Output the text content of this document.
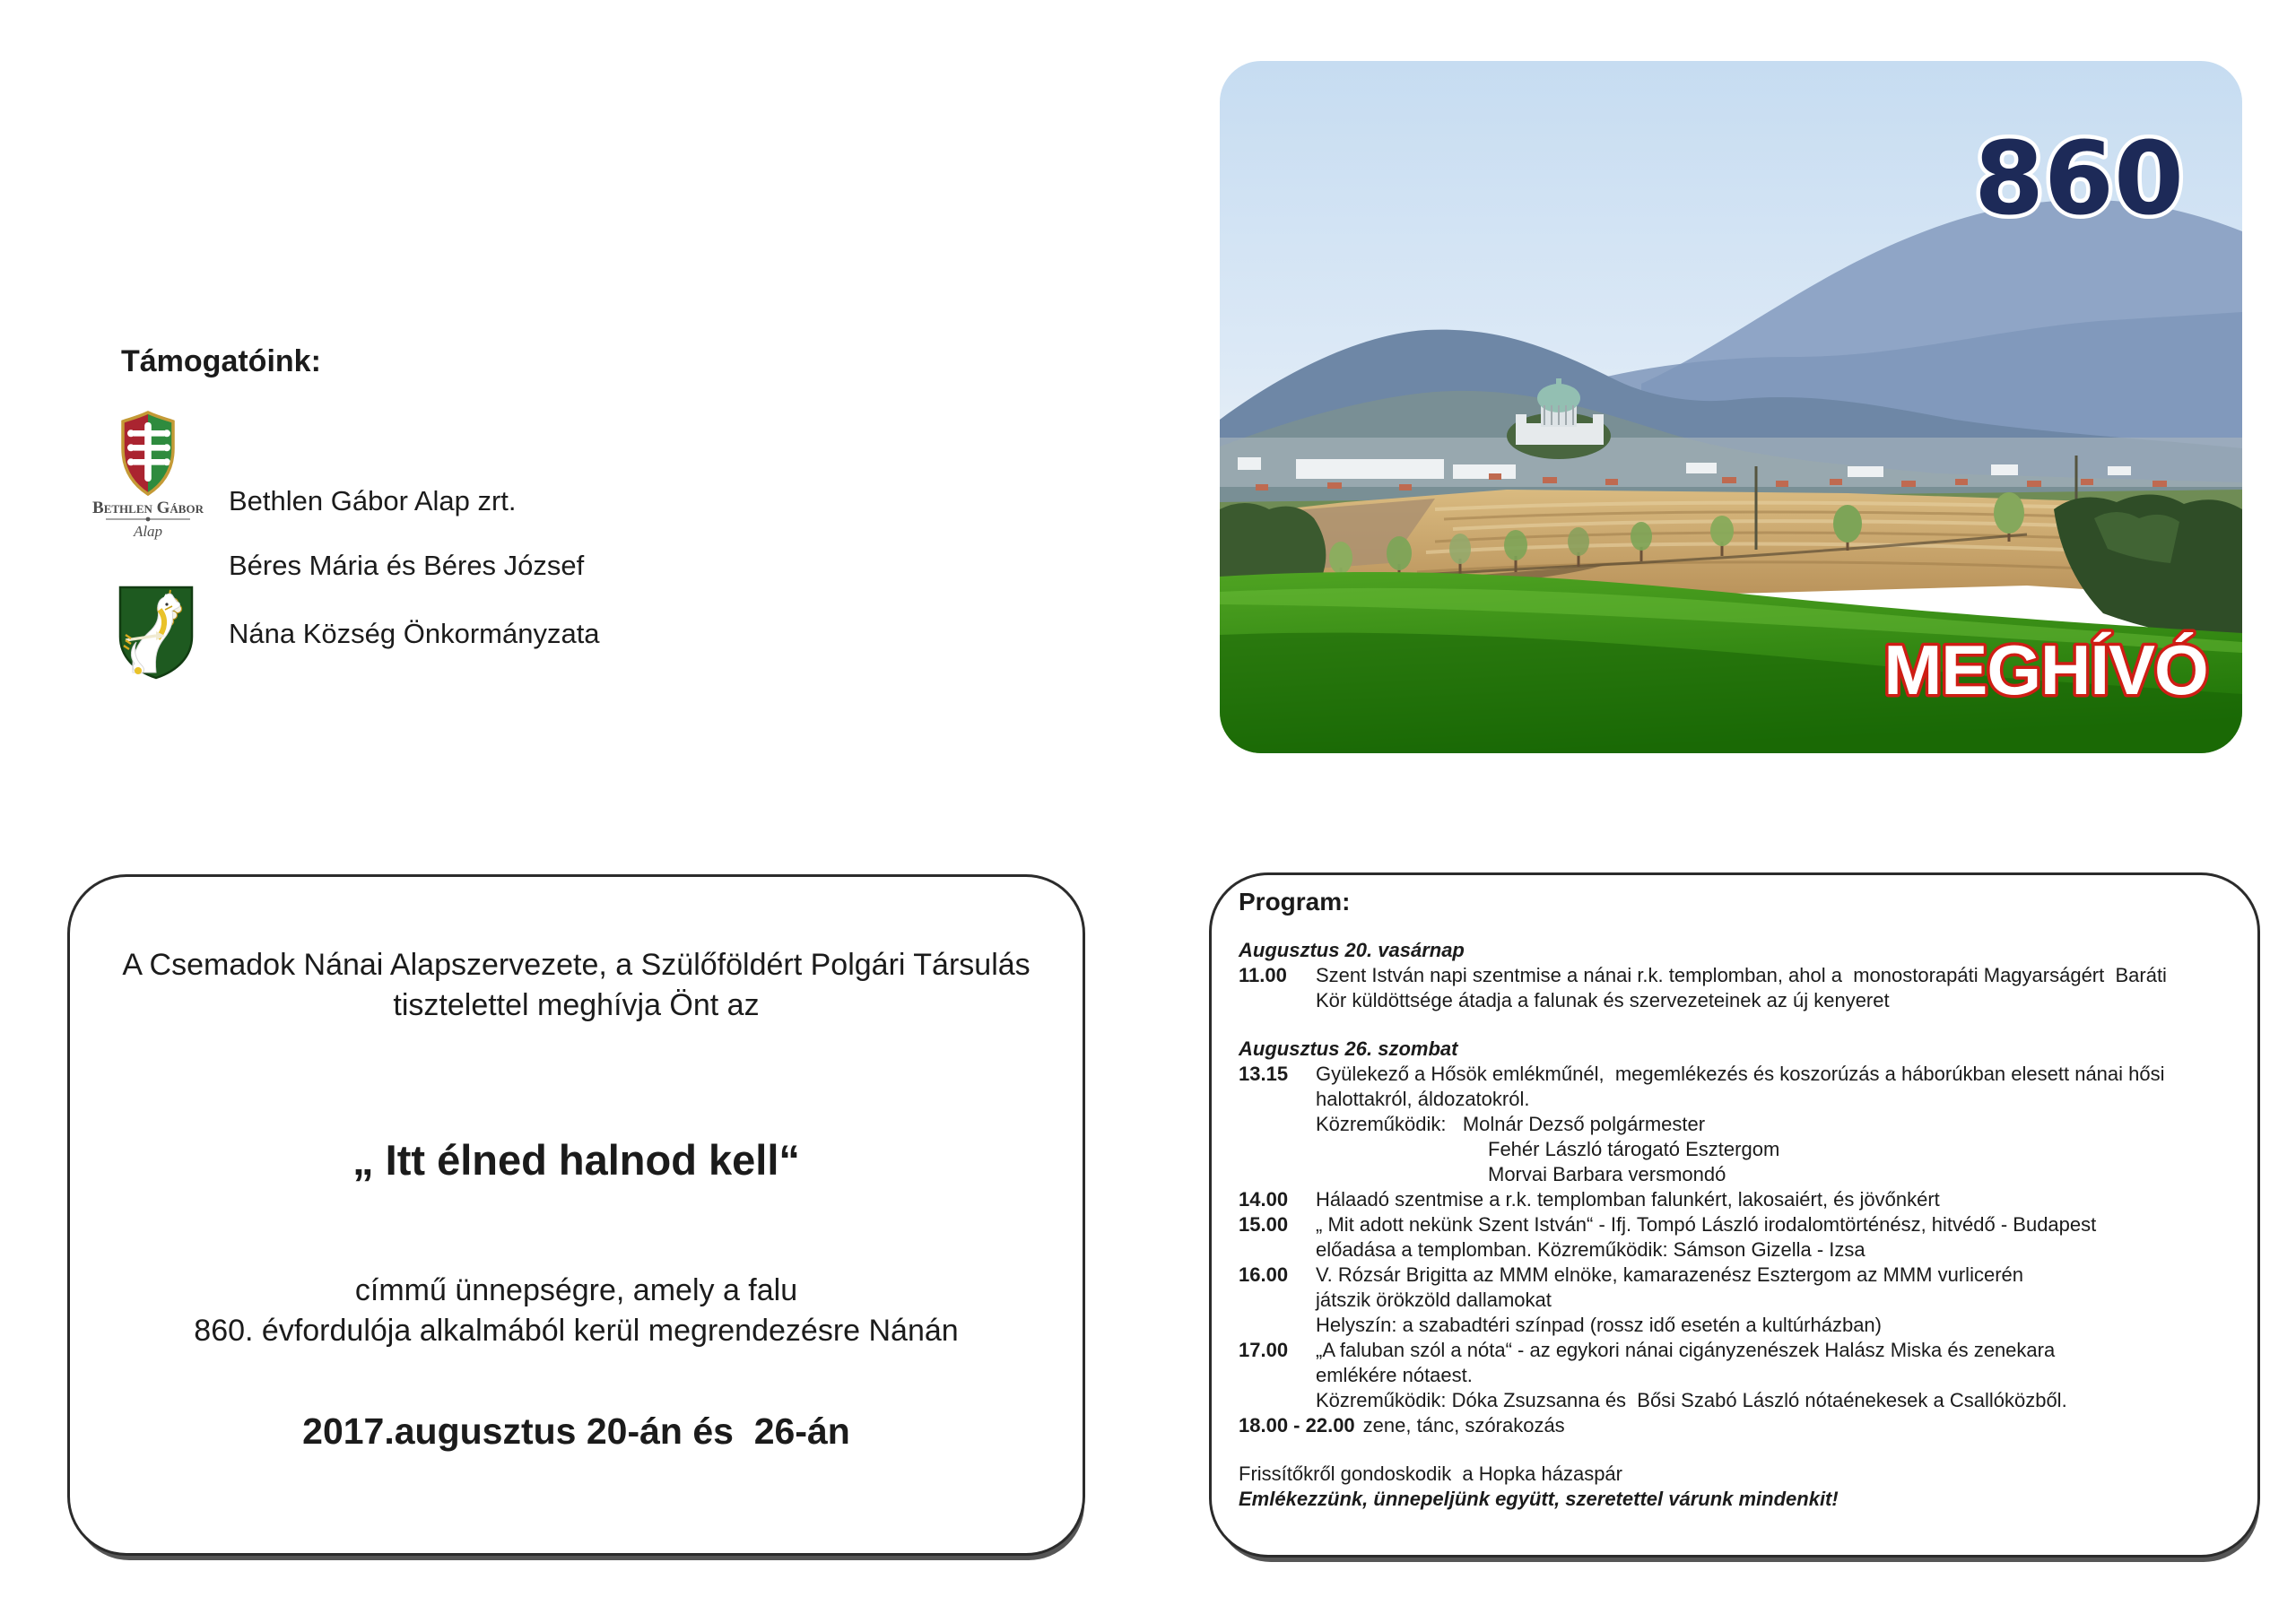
Támogatóink:
Bethlen Gábor
Alap
Bethlen Gábor Alap zrt.
Béres Mária és Béres József
Nána Község Önkormányzata
A Csemadok Nánai Alapszervezete, a Szülőföldért Polgári Társulás
tisztelettel meghívja Önt az
„ Itt élned halnod kell“
címmű ünnepségre, amely a falu
860. évfordulója alkalmából kerül megrendezésre Nánán
2017.augusztus 20-án és  26-án
860
MEGHÍVÓ
Program:
Augusztus 20. vasárnap
11.00	Szent István napi szentmise a nánai r.k. templomban, ahol a  monostorapáti Magyarságért  Baráti
Kör küldöttsége átadja a falunak és szervezeteinek az új kenyeret
Augusztus 26. szombat
13.15	Gyülekező a Hősök emlékműnél,  megemlékezés és koszorúzás a háborúkban elesett nánai hősi
halottakról, áldozatokról.
Közreműködik:   Molnár Dezső polgármester
Fehér László tárogató Esztergom
Morvai Barbara versmondó
14.00	Hálaadó szentmise a r.k. templomban falunkért, lakosaiért, és jövőnkért
15.00	„ Mit adott nekünk Szent István“ - Ifj. Tompó László irodalomtörténész, hitvédő - Budapest
előadása a templomban. Közreműködik: Sámson Gizella - Izsa
16.00	V. Rózsár Brigitta az MMM elnöke, kamarazenész Esztergom az MMM vurlicerén
játszik örökzöld dallamokat
Helyszín: a szabadtéri színpad (rossz idő esetén a kultúrházban)
17.00	„A faluban szól a nóta“ - az egykori nánai cigányzenészek Halász Miska és zenekara
emlékére nótaest.
Közreműködik: Dóka Zsuzsanna és  Bősi Szabó László nótaénekesek a Csallóközből.
18.00 - 22.00 zene, tánc, szórakozás
Frissítőkről gondoskodik  a Hopka házaspár
Emlékezzünk, ünnepeljünk együtt, szeretettel várunk mindenkit!
